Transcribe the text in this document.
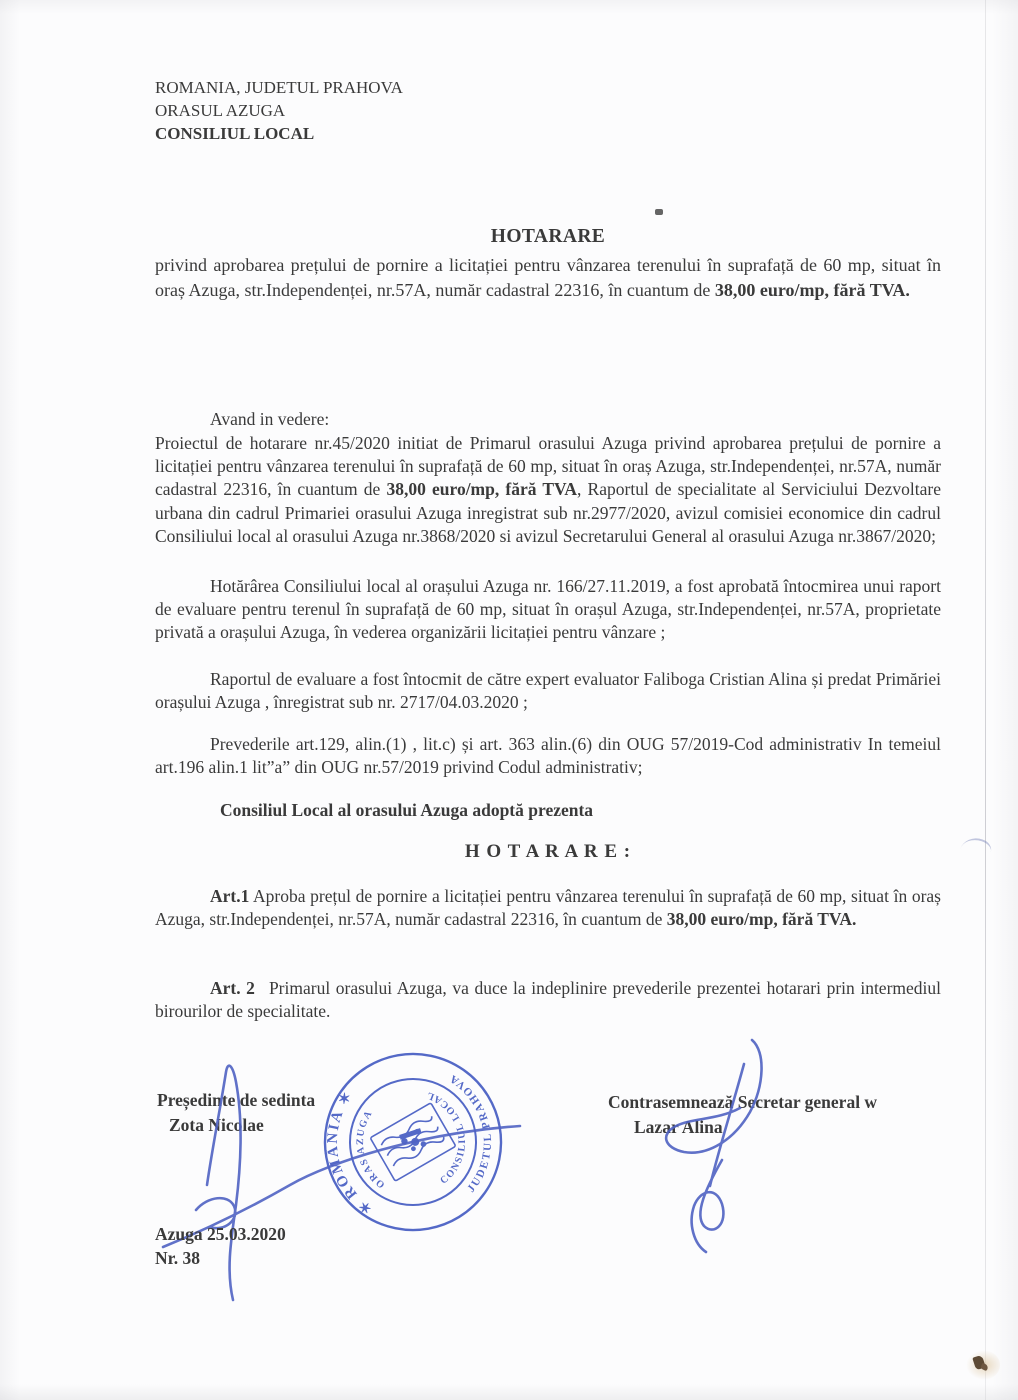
ROMANIA, JUDETUL PRAHOVA

ORASUL AZUGA

CONSILIUL LOCAL

HOTARARE

privind aprobarea prețului de pornire a licitației pentru vânzarea terenului în suprafață de 60 mp, situat în oraș Azuga, str.Independenței, nr.57A, număr cadastral 22316, în cuantum de 38,00 euro/mp, fără TVA.

Avand in vedere:

Proiectul de hotarare nr.45/2020 initiat de Primarul orasului Azuga privind aprobarea prețului de pornire a licitației pentru vânzarea terenului în suprafață de 60 mp, situat în oraș Azuga, str.Independenței, nr.57A, număr cadastral 22316, în cuantum de 38,00 euro/mp, fără TVA, Raportul de specialitate al Serviciului Dezvoltare urbana din cadrul Primariei orasului Azuga inregistrat sub nr.2977/2020, avizul comisiei economice din cadrul Consiliului local al orasului Azuga nr.3868/2020 si avizul Secretarului General al orasului Azuga nr.3867/2020;

Hotărârea Consiliului local al orașului Azuga nr. 166/27.11.2019, a fost aprobată întocmirea unui raport de evaluare pentru terenul în suprafață de 60 mp, situat în orașul Azuga, str.Independenței, nr.57A, proprietate privată a orașului Azuga, în vederea organizării licitației pentru vânzare ;

Raportul de evaluare a fost întocmit de către expert evaluator Faliboga Cristian Alina și predat Primăriei orașului Azuga , înregistrat sub nr. 2717/04.03.2020 ;

Prevederile art.129, alin.(1) , lit.c) și art. 363 alin.(6) din OUG 57/2019-Cod administrativ In temeiul art.196 alin.1 lit”a” din OUG nr.57/2019 privind Codul administrativ;

Consiliul Local al orasului Azuga adoptă prezenta

H O T A R A R E :

Art.1 Aproba prețul de pornire a licitației pentru vânzarea terenului în suprafață de 60 mp, situat în oraș Azuga, str.Independenței, nr.57A, număr cadastral 22316, în cuantum de 38,00 euro/mp, fără TVA.

Art. 2 Primarul orasului Azuga, va duce la indeplinire prevederile prezentei hotarari prin intermediul birourilor de specialitate.

Președinte de sedinta

Zota Nicolae

Contrasemnează Secretar general w

Lazar Alina

✶ ROMÂNIA ✶
JUDETUL PRAHOVA
ORAS AZUGA
CONSILIUL LOCAL

Azuga 25.03.2020

Nr. 38
